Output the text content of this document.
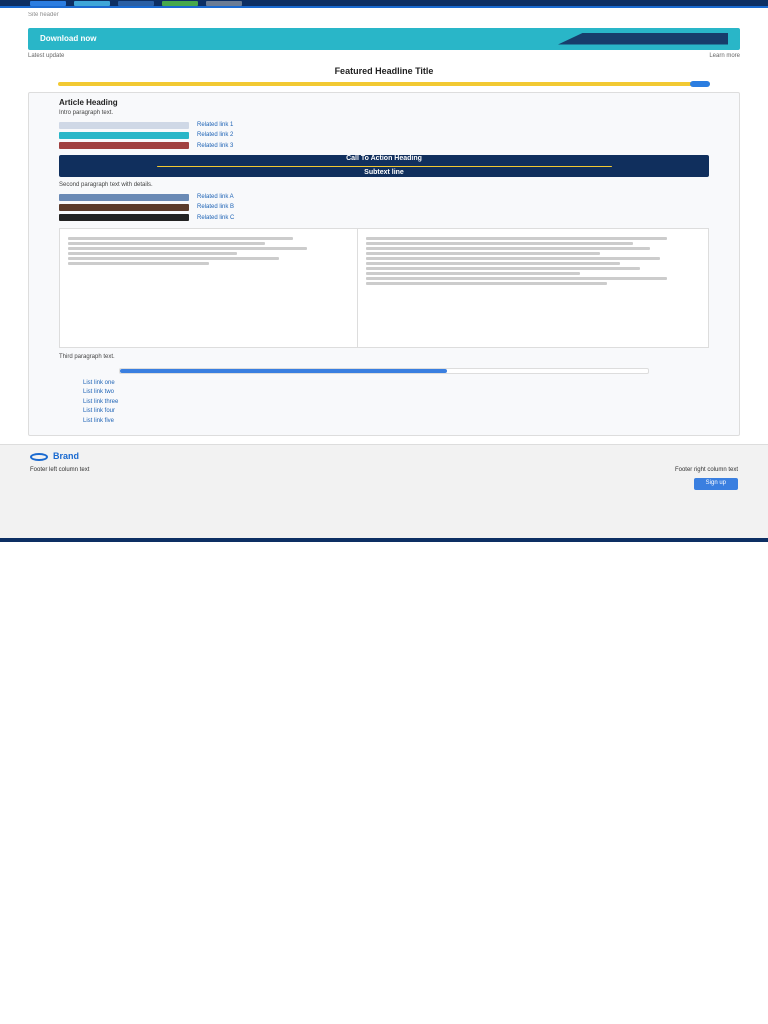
Site header
Download now
Latest update	Learn more
Featured Headline Title
Article Heading

Intro paragraph text.

Related link 1
Related link 2
Related link 3
Call To Action Heading
Subtext line

Second paragraph text with details.

Related link A
Related link B
Related link C

Third paragraph text.

List link one
List link two
List link three
List link four
List link five
Brand
Footer left column text	Footer right column text
Sign up
